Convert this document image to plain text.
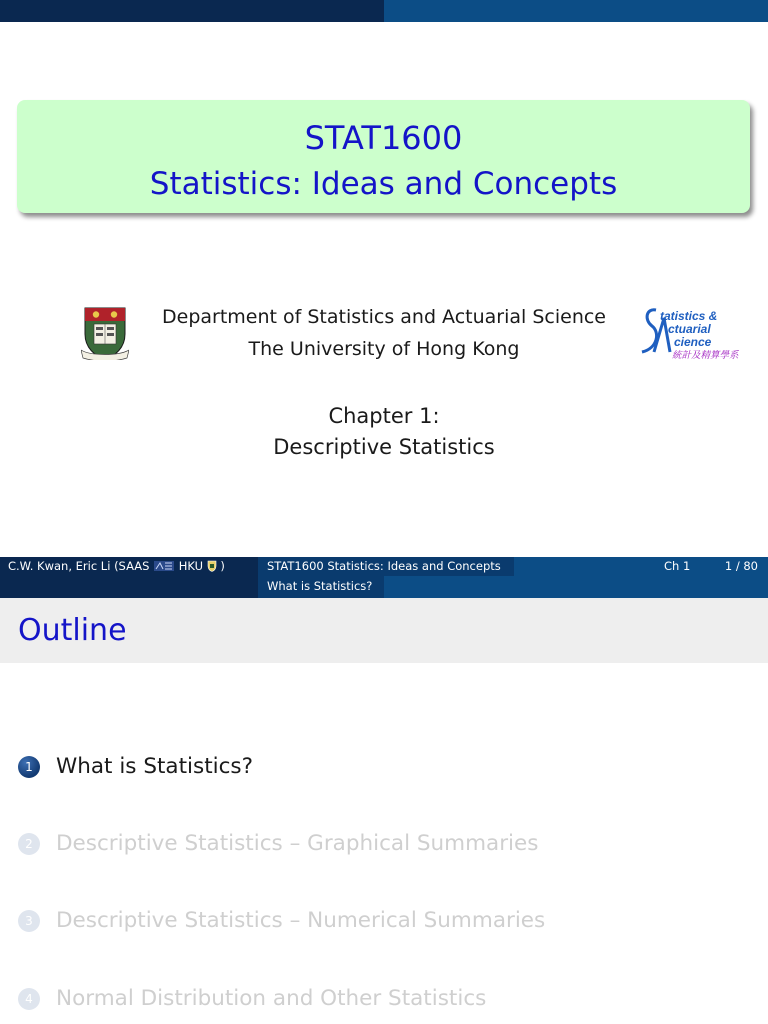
STAT1600
Statistics: Ideas and Concepts
Department of Statistics and Actuarial Science
The University of Hong Kong
tatistics &
ctuarial
cience
統計及精算學系
Chapter 1:
Descriptive Statistics
C.W. Kwan, Eric Li (SAAS	HKU )	STAT1600 Statistics: Ideas and Concepts	Ch 1	1 / 80
What is Statistics?
Outline
1	What is Statistics?
2	Descriptive Statistics – Graphical Summaries
3	Descriptive Statistics – Numerical Summaries
4	Normal Distribution and Other Statistics
